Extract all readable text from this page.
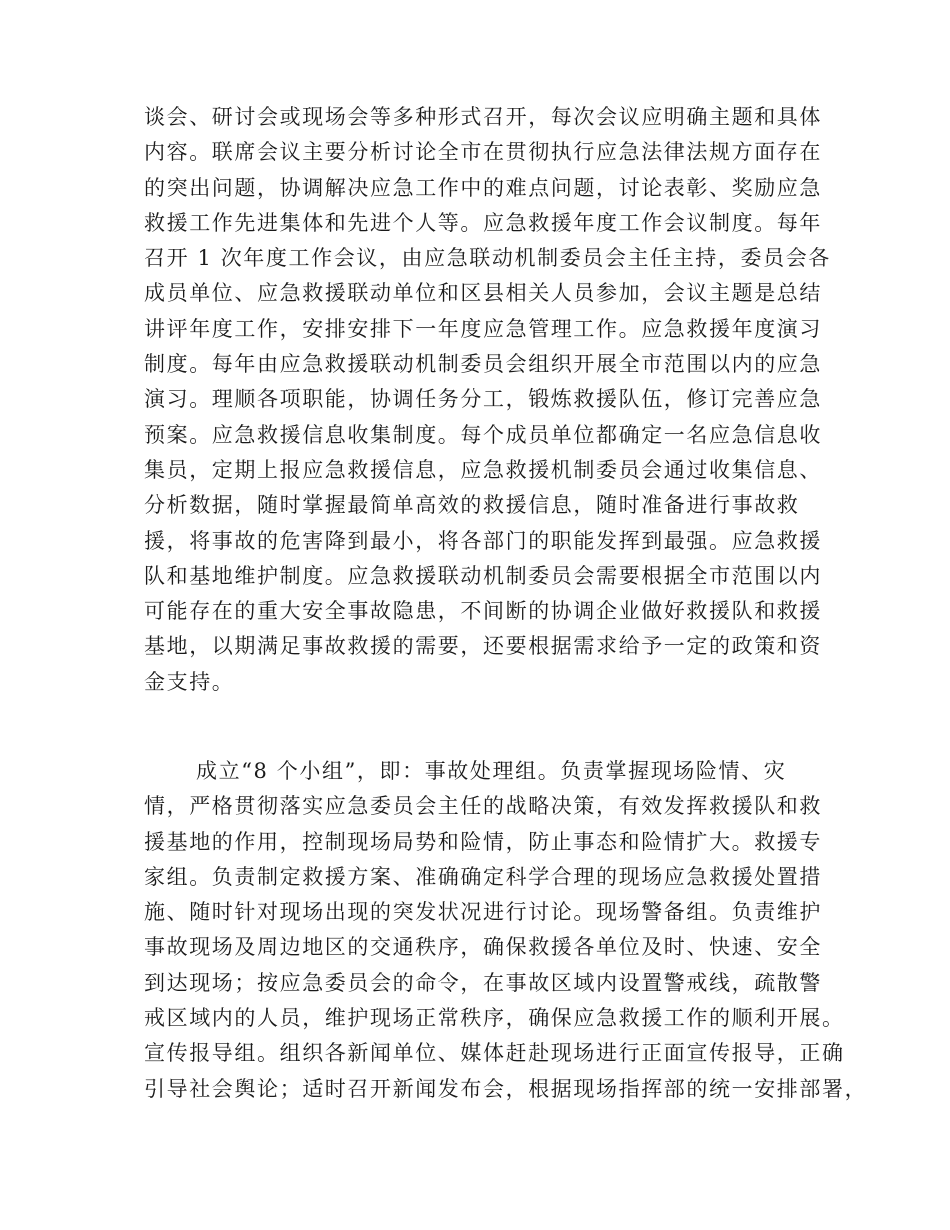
谈会、研讨会或现场会等多种形式召开，每次会议应明确主题和具体
内容。联席会议主要分析讨论全市在贯彻执行应急法律法规方面存在
的突出问题，协调解决应急工作中的难点问题，讨论表彰、奖励应急
救援工作先进集体和先进个人等。应急救援年度工作会议制度。每年
召开 1 次年度工作会议，由应急联动机制委员会主任主持，委员会各
成员单位、应急救援联动单位和区县相关人员参加，会议主题是总结
讲评年度工作，安排安排下一年度应急管理工作。应急救援年度演习
制度。每年由应急救援联动机制委员会组织开展全市范围以内的应急
演习。理顺各项职能，协调任务分工，锻炼救援队伍，修订完善应急
预案。应急救援信息收集制度。每个成员单位都确定一名应急信息收
集员，定期上报应急救援信息，应急救援机制委员会通过收集信息、
分析数据，随时掌握最简单高效的救援信息，随时准备进行事故救
援，将事故的危害降到最小，将各部门的职能发挥到最强。应急救援
队和基地维护制度。应急救援联动机制委员会需要根据全市范围以内
可能存在的重大安全事故隐患，不间断的协调企业做好救援队和救援
基地，以期满足事故救援的需要，还要根据需求给予一定的政策和资
金支持。
成立“8 个小组”，即：事故处理组。负责掌握现场险情、灾
情，严格贯彻落实应急委员会主任的战略决策，有效发挥救援队和救
援基地的作用，控制现场局势和险情，防止事态和险情扩大。救援专
家组。负责制定救援方案、准确确定科学合理的现场应急救援处置措
施、随时针对现场出现的突发状况进行讨论。现场警备组。负责维护
事故现场及周边地区的交通秩序，确保救援各单位及时、快速、安全
到达现场；按应急委员会的命令，在事故区域内设置警戒线，疏散警
戒区域内的人员，维护现场正常秩序，确保应急救援工作的顺利开展。
宣传报导组。组织各新闻单位、媒体赶赴现场进行正面宣传报导，正确
引导社会舆论；适时召开新闻发布会，根据现场指挥部的统一安排部署，
